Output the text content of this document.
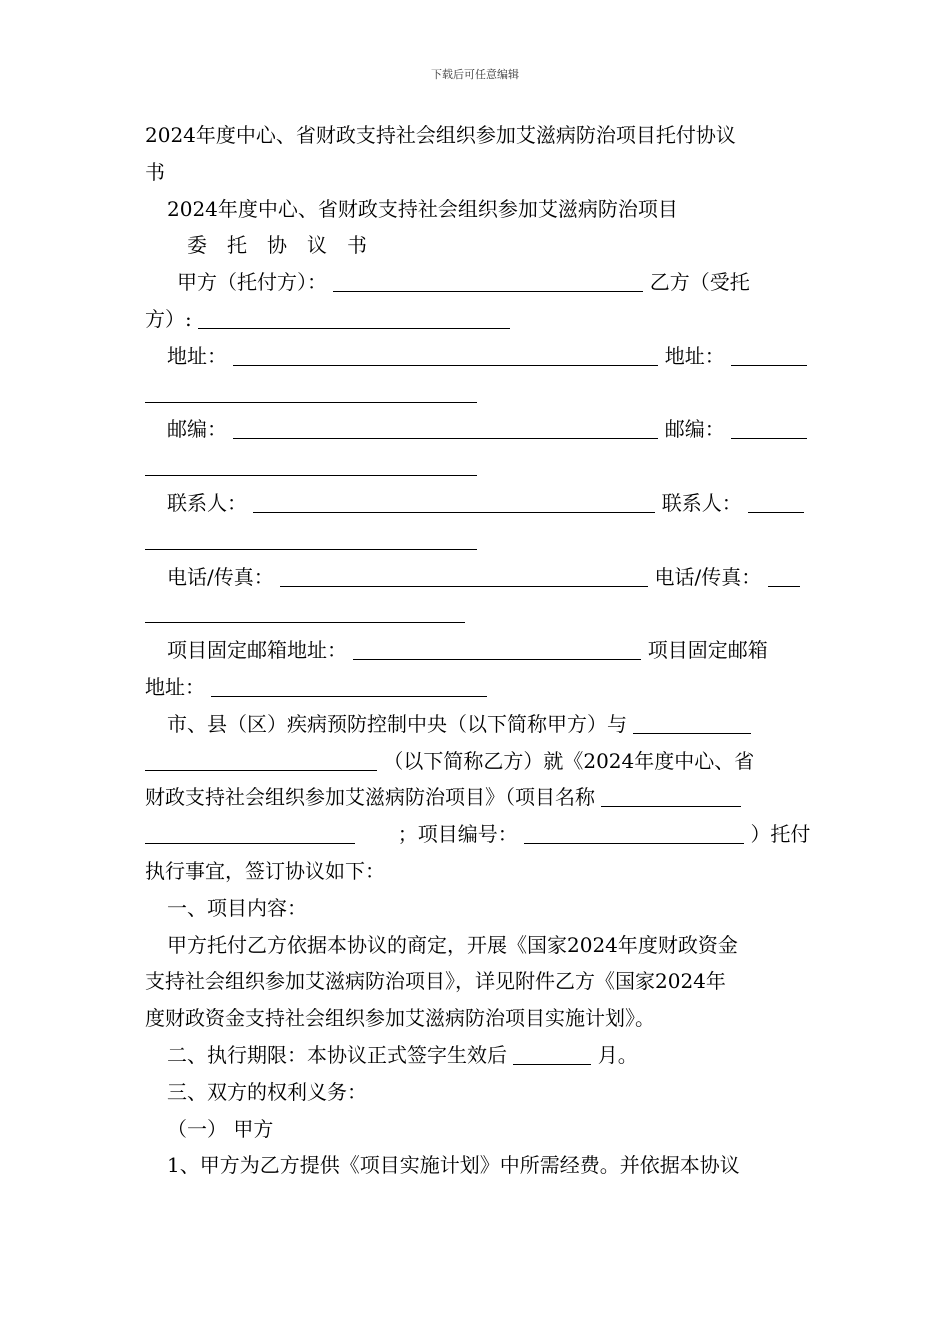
下载后可任意编辑
2024年度中心、省财政支持社会组织参加艾滋病防治项目托付协议
书
2024年度中心、省财政支持社会组织参加艾滋病防治项目
委托协议书
甲方（托付方）：	乙方（受托
方）:
地址：	地址：
邮编：	邮编：
联系人：	联系人：
电话/传真：	电话/传真：
项目固定邮箱地址：	项目固定邮箱
地址：
市、县（区）疾病预防控制中央（以下简称甲方）与
（以下简称乙方）就《2024年度中心、省
财政支持社会组织参加艾滋病防治项目》（项目名称
；项目编号：	）托付
执行事宜，签订协议如下：
一、项目内容：
甲方托付乙方依据本协议的商定，开展《国家2024年度财政资金
支持社会组织参加艾滋病防治项目》，详见附件乙方《国家2024年
度财政资金支持社会组织参加艾滋病防治项目实施计划》。
二、执行期限：本协议正式签字生效后	月。
三、双方的权利义务：
（一） 甲方
1、甲方为乙方提供《项目实施计划》中所需经费。并依据本协议
